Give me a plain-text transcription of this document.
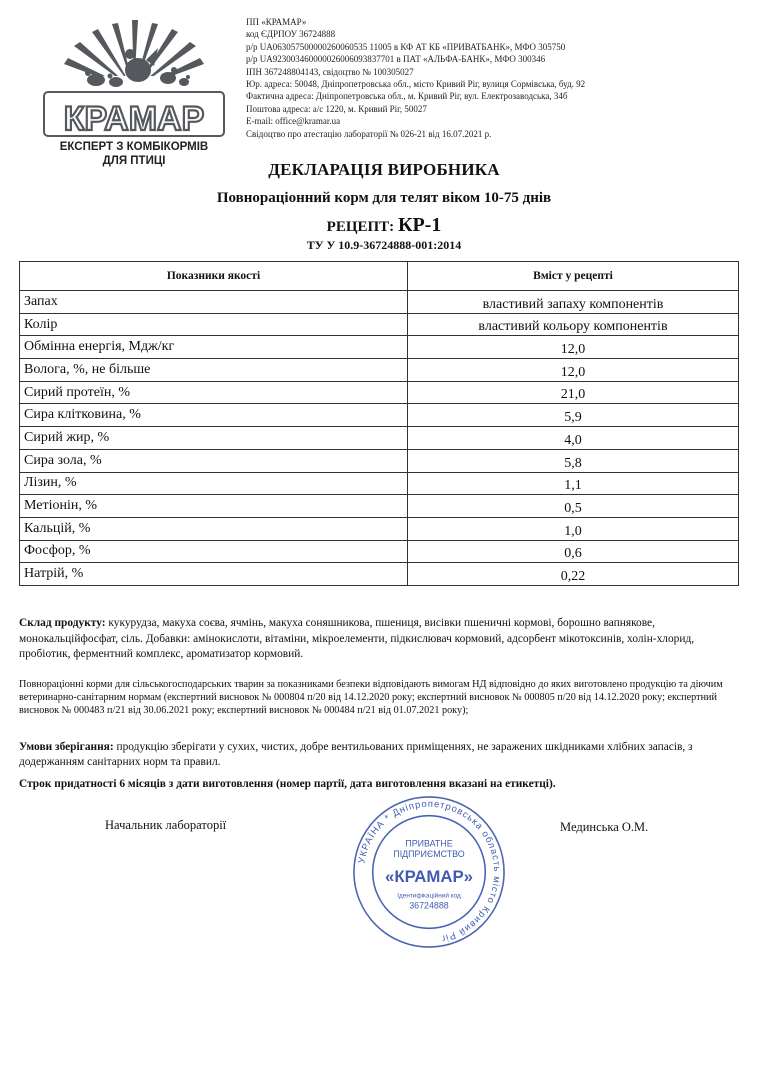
КРАМАР
ЕКСПЕРТ З КОМБІКОРМІВ
ДЛЯ ПТИЦІ
ПП «КРАМАР»
код ЄДРПОУ 36724888
р/р UA063057500000260060535 11005 в КФ АТ КБ «ПРИВАТБАНК», МФО 305750
р/р UA923003460000026006093837701 в ПАТ «АЛЬФА-БАНК», МФО 300346
ІПН 367248804143, свідоцтво № 100305027
Юр. адреса: 50048, Дніпропетровська обл., місто Кривий Ріг, вулиця Сормівська, буд. 92
Фактична адреса: Дніпропетровська обл., м. Кривий Ріг, вул. Електрозаводська, 34б
Поштова адреса: а/с 1220, м. Кривий Ріг, 50027
E-mail: office@kramar.ua
Свідоцтво про атестацію лабораторії № 026-21 від 16.07.2021 р.
ДЕКЛАРАЦІЯ ВИРОБНИКА
Повнораціонний корм для телят віком 10-75 днів
РЕЦЕПТ: КР-1
ТУ У 10.9-36724888-001:2014
Показники якості	Вміст у рецепті
Запах	властивий запаху компонентів
Колір	властивий кольору компонентів
Обмінна енергія, Мдж/кг	12,0
Волога, %, не більше	12,0
Сирий протеїн, %	21,0
Сира клітковина, %	5,9
Сирий жир, %	4,0
Сира зола, %	5,8
Лізин, %	1,1
Метіонін, %	0,5
Кальцій, %	1,0
Фосфор, %	0,6
Натрій, %	0,22
Склад продукту: кукурудза, макуха соєва, ячмінь, макуха соняшникова, пшениця, висівки пшеничні кормові, борошно вапнякове, монокальційфосфат, сіль. Добавки: амінокислоти, вітаміни, мікроелементи, підкислювач кормовий, адсорбент мікотоксинів, холін-хлорид, пробіотик, ферментний комплекс, ароматизатор кормовий.
Повнораціонні корми для сільськогосподарських тварин за показниками безпеки відповідають вимогам НД відповідно до яких виготовлено продукцію та діючим ветеринарно-санітарним нормам (експертний висновок № 000804 п/20 від 14.12.2020 року; експертний висновок № 000805 п/20 від 14.12.2020 року; експертний висновок № 000483 п/21 від 30.06.2021 року; експертний висновок № 000484 п/21 від 01.07.2021 року);
Умови зберігання: продукцію зберігати у сухих, чистих, добре вентильованих приміщеннях, не заражених шкідниками хлібних запасів, з додержанням санітарних норм та правил.
Строк придатності 6 місяців з дати виготовлення (номер партії, дата виготовлення вказані на етикетці).
Начальник лабораторії	Мединська О.М.
УКРАЇНА * Дніпропетровська область місто Кривий Ріг
ПРИВАТНЕ
ПІДПРИЄМСТВО
«КРАМАР»
Ідентифікаційний код
36724888
